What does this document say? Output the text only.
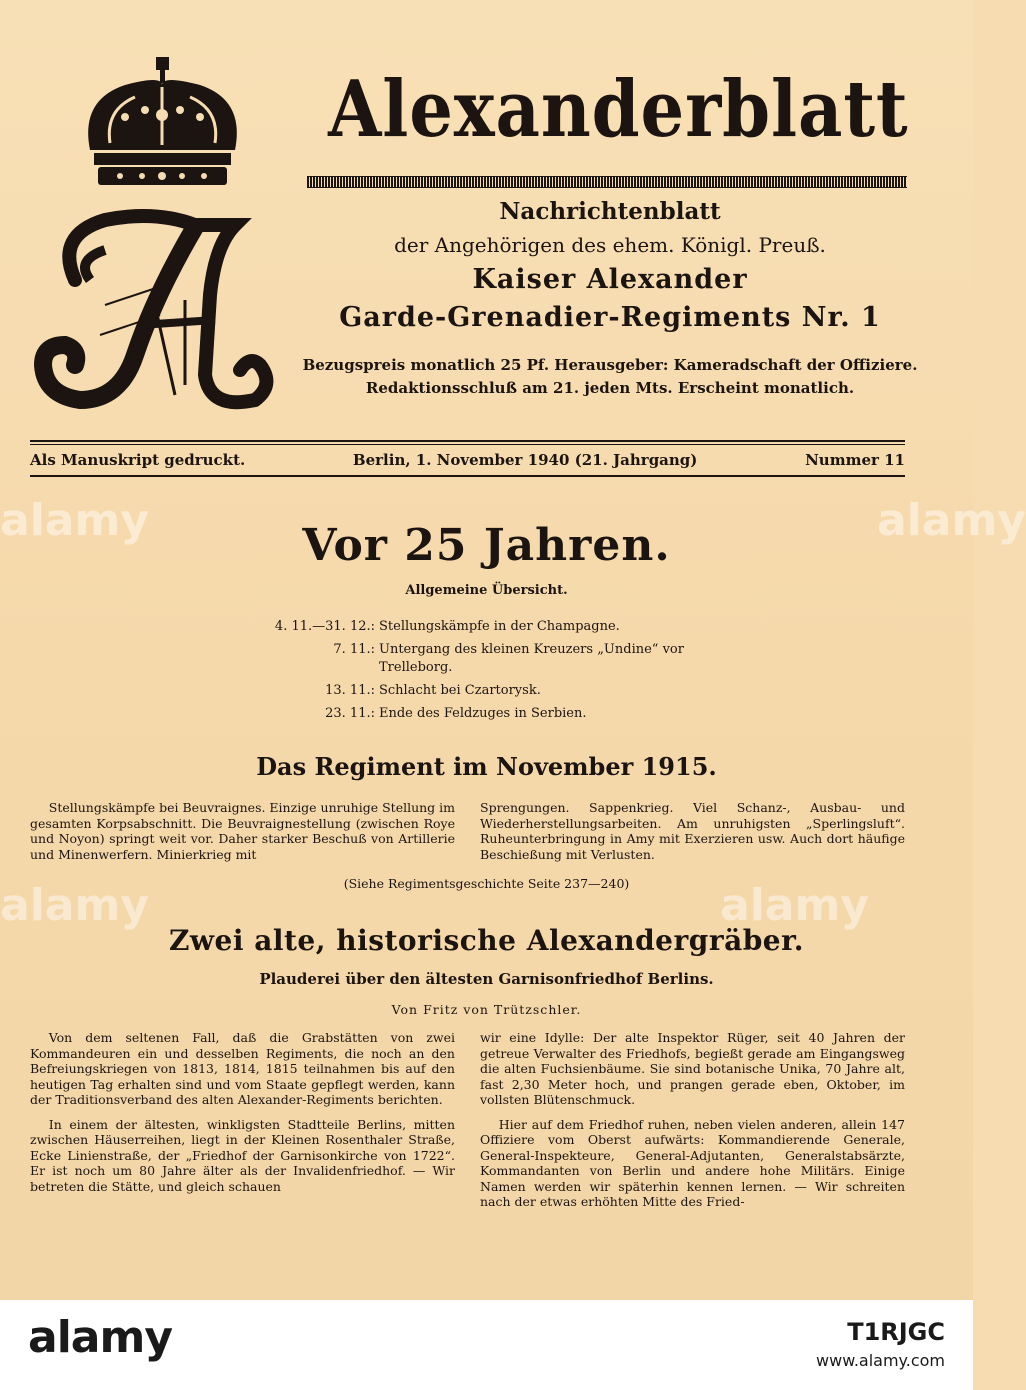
Alexanderblatt
Nachrichtenblatt
der Angehörigen des ehem. Königl. Preuß.
Kaiser Alexander
Garde-Grenadier-Regiments Nr. 1
Bezugspreis monatlich 25 Pf. Herausgeber: Kameradschaft der Offiziere.
Redaktionsschluß am 21. jeden Mts. Erscheint monatlich.
Als Manuskript gedruckt.	Berlin, 1. November 1940 (21. Jahrgang)	Nummer 11
Vor 25 Jahren.
Allgemeine Übersicht.
4. 11.—31. 12.: Stellungskämpfe in der Champagne.
7. 11.: Untergang des kleinen Kreuzers „Undine“ vor Trelleborg.
13. 11.: Schlacht bei Czartorysk.
23. 11.: Ende des Feldzuges in Serbien.
Das Regiment im November 1915.
Stellungskämpfe bei Beuvraignes. Einzige unruhige Stellung im gesamten Korpsabschnitt. Die Beuvraignestellung (zwischen Roye und Noyon) springt weit vor. Daher starker Beschuß von Artillerie und Minenwerfern. Minierkrieg mit
Sprengungen. Sappenkrieg. Viel Schanz-, Ausbau- und Wiederherstellungsarbeiten. Am unruhigsten „Sperlingsluft“. Ruheunterbringung in Amy mit Exerzieren usw. Auch dort häufige Beschießung mit Verlusten.
(Siehe Regimentsgeschichte Seite 237—240)
Zwei alte, historische Alexandergräber.
Plauderei über den ältesten Garnisonfriedhof Berlins.
Von Fritz von Trützschler.
Von dem seltenen Fall, daß die Grabstätten von zwei Kommandeuren ein und desselben Regiments, die noch an den Befreiungskriegen von 1813, 1814, 1815 teilnahmen bis auf den heutigen Tag erhalten sind und vom Staate gepflegt werden, kann der Traditionsverband des alten Alexander-Regiments berichten.
In einem der ältesten, winkligsten Stadtteile Berlins, mitten zwischen Häuserreihen, liegt in der Kleinen Rosenthaler Straße, Ecke Linienstraße, der „Friedhof der Garnisonkirche von 1722“. Er ist noch um 80 Jahre älter als der Invalidenfriedhof. — Wir betreten die Stätte, und gleich schauen
wir eine Idylle: Der alte Inspektor Rüger, seit 40 Jahren der getreue Verwalter des Friedhofs, begießt gerade am Eingangsweg die alten Fuchsienbäume. Sie sind botanische Unika, 70 Jahre alt, fast 2,30 Meter hoch, und prangen gerade eben, Oktober, im vollsten Blütenschmuck.
Hier auf dem Friedhof ruhen, neben vielen anderen, allein 147 Offiziere vom Oberst aufwärts: Kommandierende Generale, General-Inspekteure, General-Adjutanten, Generalstabsärzte, Kommandanten von Berlin und andere hohe Militärs. Einige Namen werden wir späterhin kennen lernen. — Wir schreiten nach der etwas erhöhten Mitte des Fried-
alamy	alamy
alamy	alamy
alamy	T1RJGC
www.alamy.com
